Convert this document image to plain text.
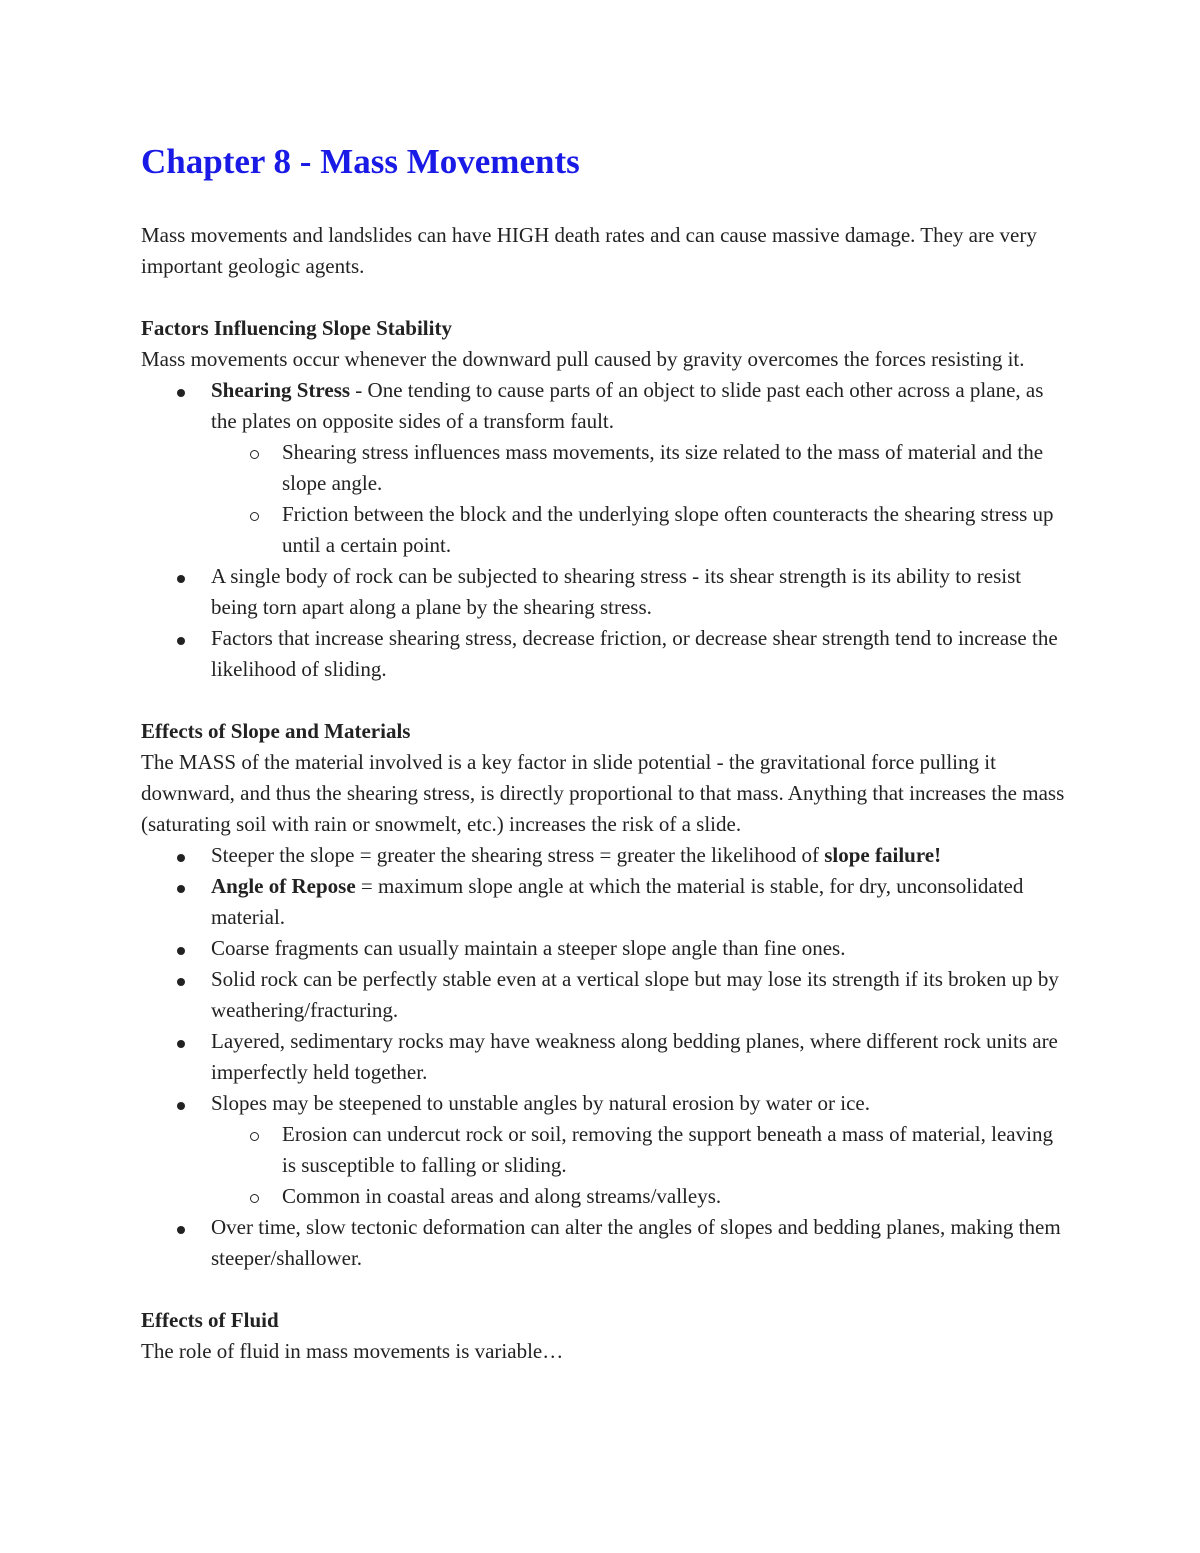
Chapter 8 - Mass Movements

Mass movements and landslides can have HIGH death rates and can cause massive damage. They are very important geologic agents.

Factors Influencing Slope Stability

Mass movements occur whenever the downward pull caused by gravity overcomes the forces resisting it.

Shearing Stress - One tending to cause parts of an object to slide past each other across a plane, as the plates on opposite sides of a transform fault.
Shearing stress influences mass movements, its size related to the mass of material and the slope angle.
Friction between the block and the underlying slope often counteracts the shearing stress up until a certain point.
A single body of rock can be subjected to shearing stress - its shear strength is its ability to resist being torn apart along a plane by the shearing stress.
Factors that increase shearing stress, decrease friction, or decrease shear strength tend to increase the likelihood of sliding.

Effects of Slope and Materials

The MASS of the material involved is a key factor in slide potential - the gravitational force pulling it downward, and thus the shearing stress, is directly proportional to that mass. Anything that increases the mass (saturating soil with rain or snowmelt, etc.) increases the risk of a slide.

Steeper the slope = greater the shearing stress = greater the likelihood of slope failure!
Angle of Repose = maximum slope angle at which the material is stable, for dry, unconsolidated material.
Coarse fragments can usually maintain a steeper slope angle than fine ones.
Solid rock can be perfectly stable even at a vertical slope but may lose its strength if its broken up by weathering/fracturing.
Layered, sedimentary rocks may have weakness along bedding planes, where different rock units are imperfectly held together.
Slopes may be steepened to unstable angles by natural erosion by water or ice.
Erosion can undercut rock or soil, removing the support beneath a mass of material, leaving is susceptible to falling or sliding.
Common in coastal areas and along streams/valleys.
Over time, slow tectonic deformation can alter the angles of slopes and bedding planes, making them steeper/shallower.

Effects of Fluid

The role of fluid in mass movements is variable…
